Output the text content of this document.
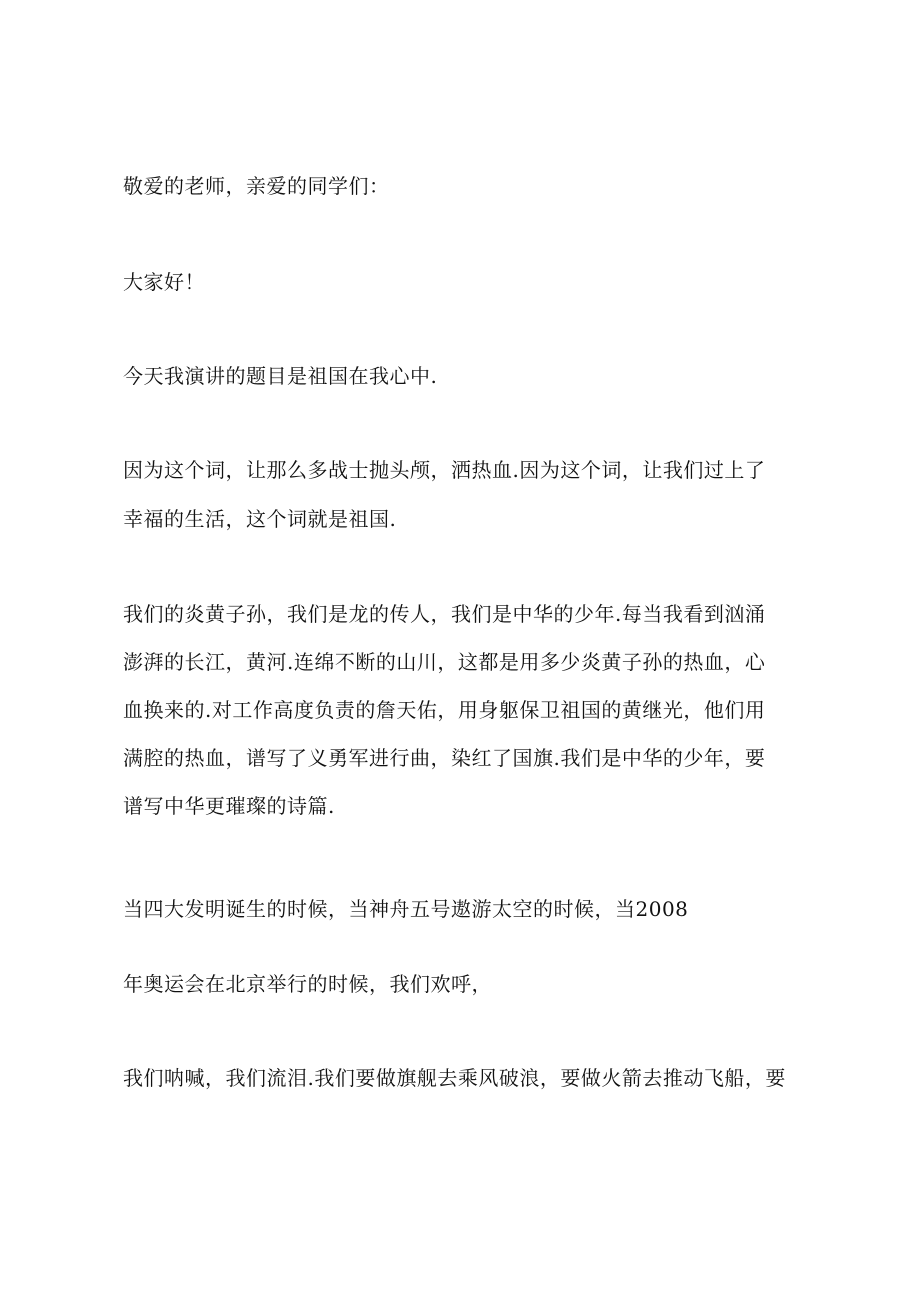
敬爱的老师，亲爱的同学们：
大家好！
今天我演讲的题目是祖国在我心中.
因为这个词，让那么多战士抛头颅，洒热血.因为这个词，让我们过上了
幸福的生活，这个词就是祖国.
我们的炎黄子孙，我们是龙的传人，我们是中华的少年.每当我看到汹涌
澎湃的长江，黄河.连绵不断的山川，这都是用多少炎黄子孙的热血，心
血换来的.对工作高度负责的詹天佑，用身躯保卫祖国的黄继光，他们用
满腔的热血，谱写了义勇军进行曲，染红了国旗.我们是中华的少年，要
谱写中华更璀璨的诗篇.
当四大发明诞生的时候，当神舟五号遨游太空的时候，当2008
年奥运会在北京举行的时候，我们欢呼，
我们呐喊，我们流泪.我们要做旗舰去乘风破浪，要做火箭去推动飞船，要
